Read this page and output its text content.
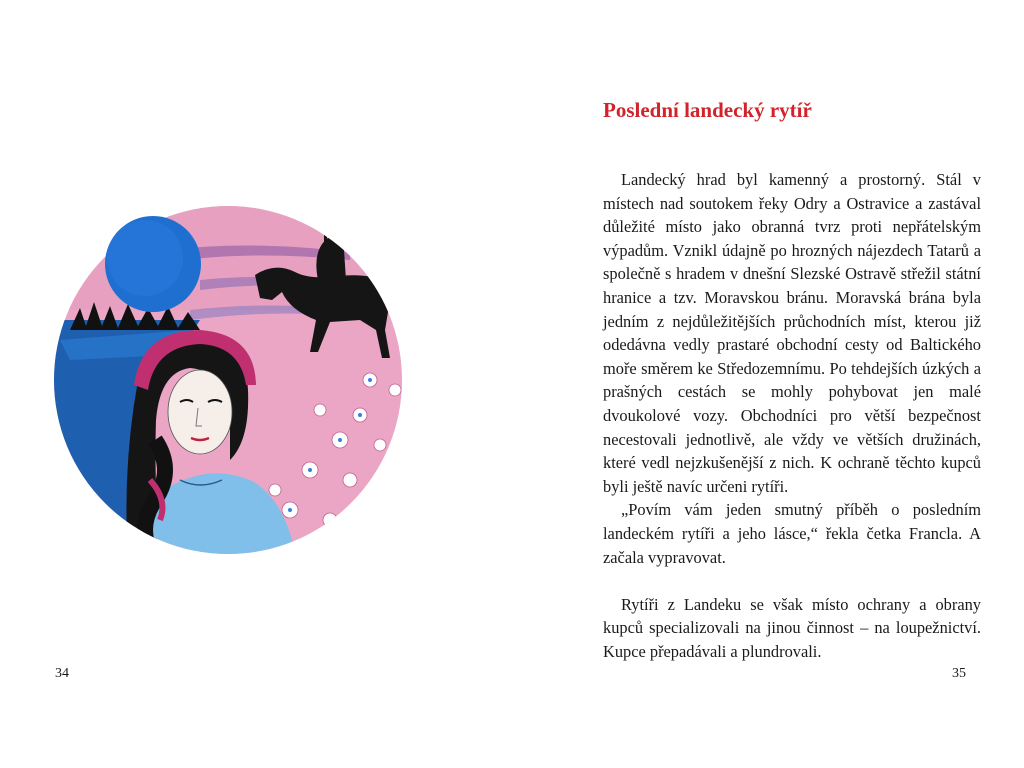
34
Poslední landecký rytíř

Landecký hrad byl kamenný a prostorný. Stál v místech nad soutokem řeky Odry a Ostravice a zastával důležité místo jako obranná tvrz proti nepřátelským výpadům. Vznikl údajně po hrozných nájezdech Tatarů a společně s hradem v dnešní Slezské Ostravě střežil státní hranice a tzv. Moravskou bránu. Moravská brána byla jedním z nejdůležitějších průchodních míst, kterou již odedávna vedly prastaré obchodní cesty od Baltického moře směrem ke Středozemnímu. Po tehdejších úzkých a prašných cestách se mohly pohybovat jen malé dvoukolové vozy. Obchodníci pro větší bezpečnost necestovali jednotlivě, ale vždy ve větších družinách, které vedl nejzkušenější z nich. K ochraně těchto kupců byli ještě navíc určeni rytíři.

„Povím vám jeden smutný příběh o posledním landeckém rytíři a jeho lásce,“ řekla četka Francla. A začala vypravovat.

Rytíři z Landeku se však místo ochrany a obrany kupců specializovali na jinou činnost – na loupežnictví. Kupce přepadávali a plundrovali.

35
